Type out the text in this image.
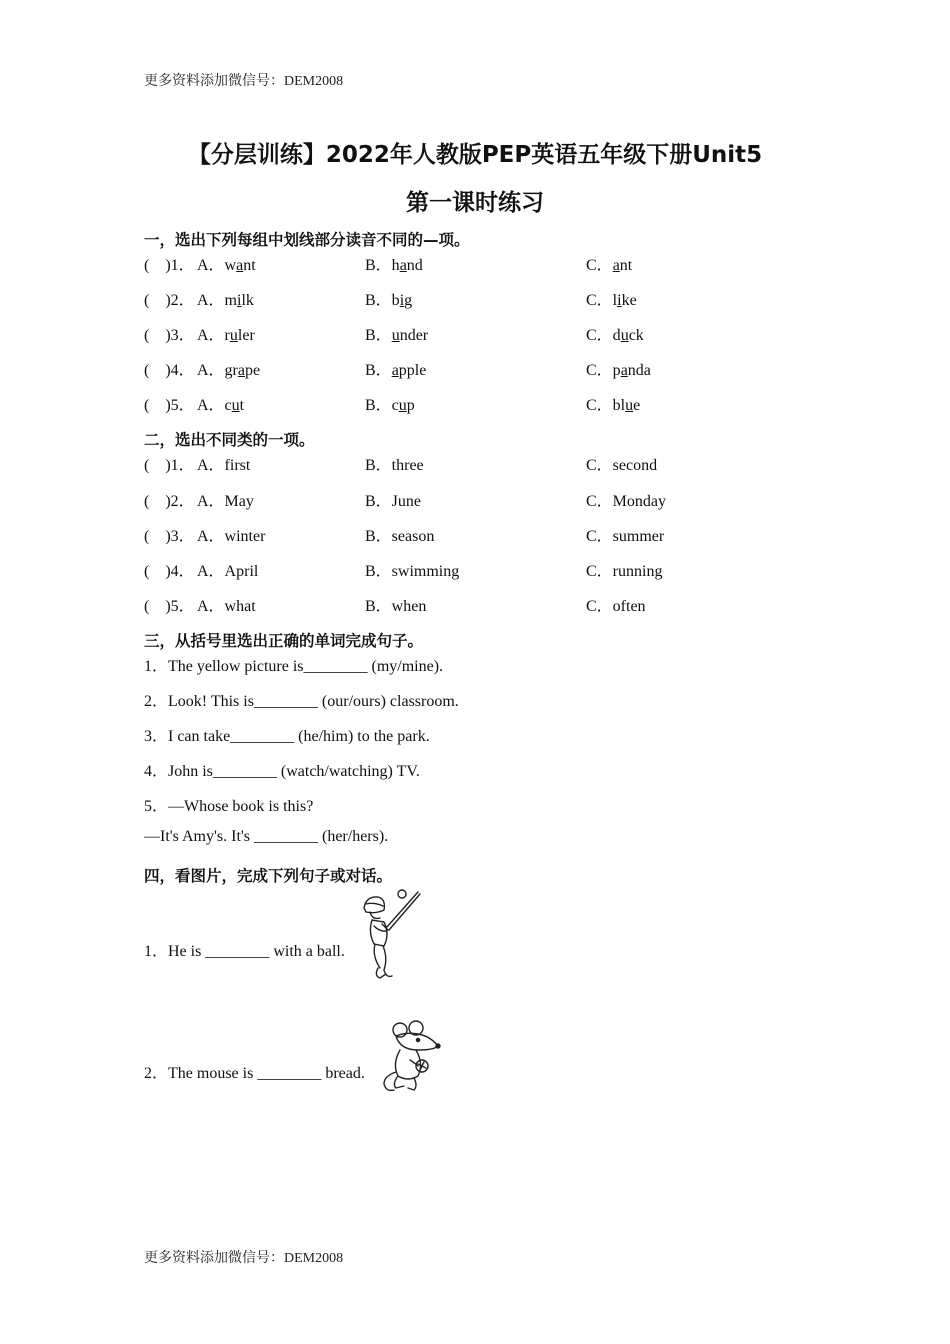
更多资料添加微信号：DEM2008
【分层训练】2022年人教版PEP英语五年级下册Unit5
第一课时练习
一，选出下列每组中划线部分读音不同的—项。
(    )1． A．want	B．hand	C．ant
(    )2． A．milk	B．big	C．like
(    )3． A．ruler	B．under	C．duck
(    )4． A．grape	B．apple	C．panda
(    )5． A．cut	B．cup	C．blue
二，选出不同类的一项。
(    )1． A．first	B．three	C．second
(    )2． A．May	B．June	C．Monday
(    )3． A．winter	B．season	C．summer
(    )4． A．April	B．swimming	C．running
(    )5． A．what	B．when	C．often
三，从括号里选出正确的单词完成句子。
1．The yellow picture is________ (my/mine).
2．Look! This is________ (our/ours) classroom.
3．I can take________ (he/him) to the park.
4．John is________ (watch/watching) TV.
5．—Whose book is this?
—It's Amy's. It's ________ (her/hers).
四，看图片，完成下列句子或对话。
1．He is ________ with a ball.
2．The mouse is ________ bread.
更多资料添加微信号：DEM2008
